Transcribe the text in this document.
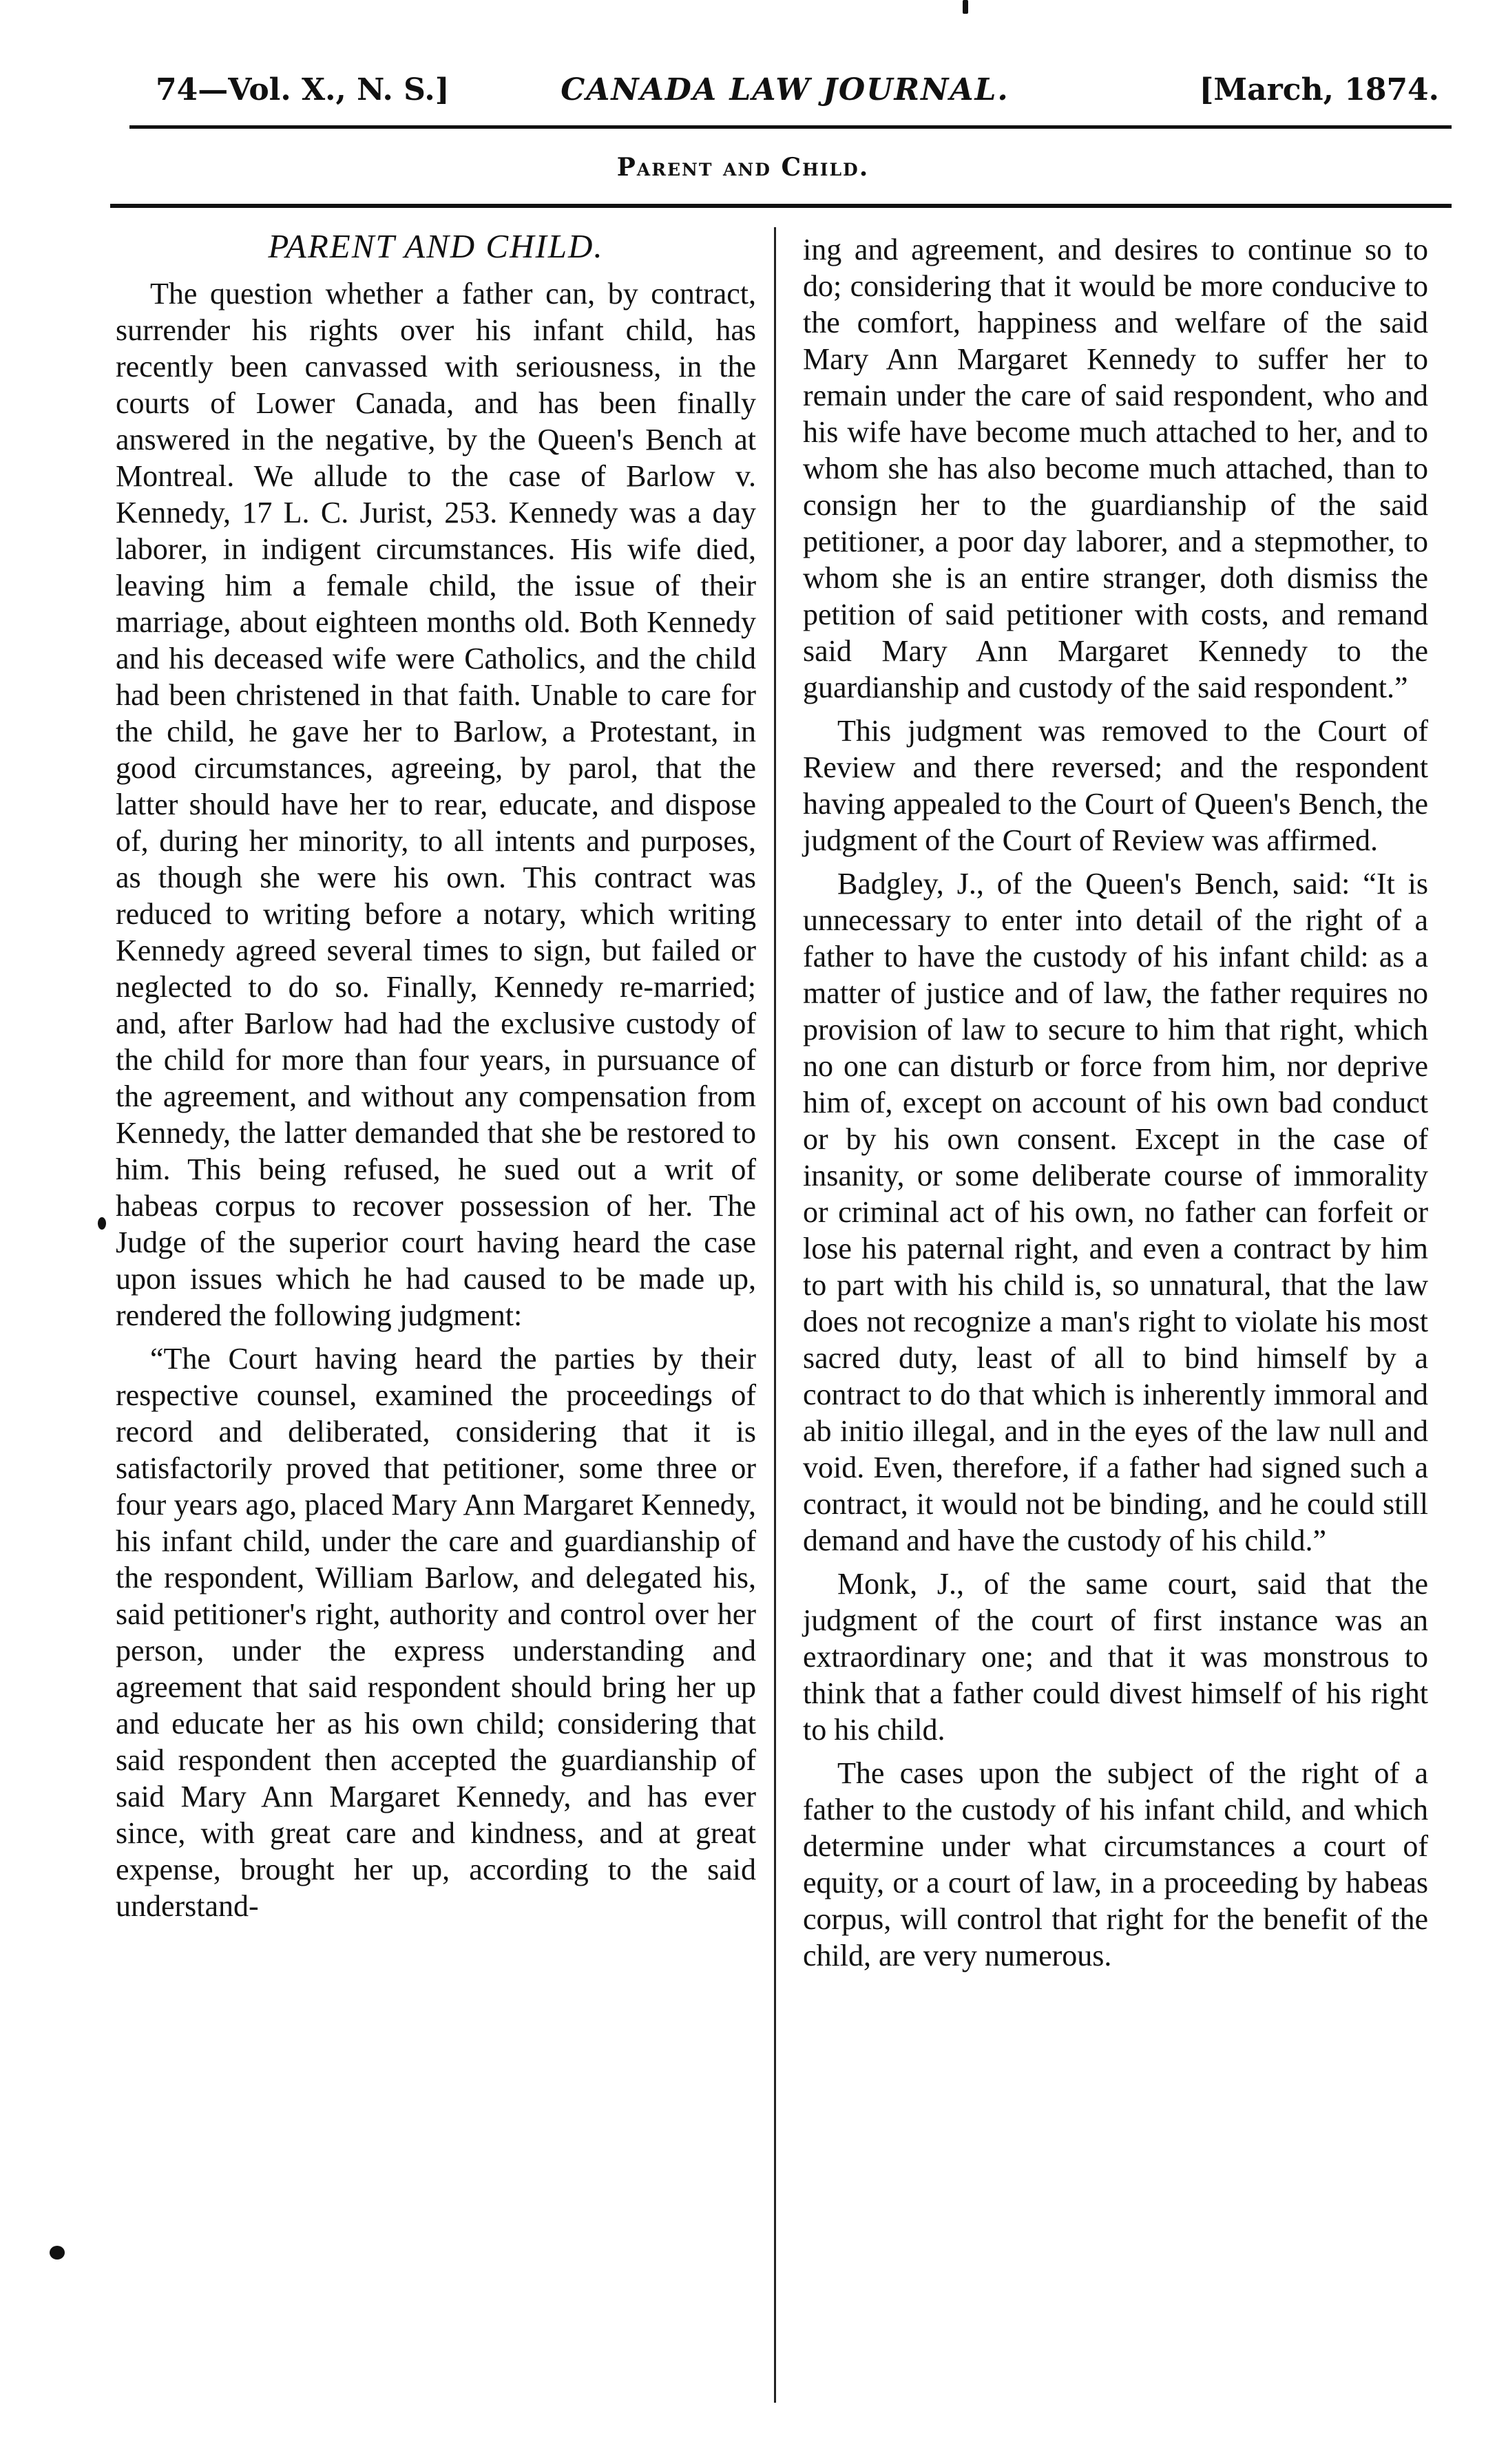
74—Vol. X., N. S.]	CANADA LAW JOURNAL.	[March, 1874.
Parent and Child.
PARENT AND CHILD.

The question whether a father can, by contract, surrender his rights over his infant child, has recently been canvassed with seriousness, in the courts of Lower Canada, and has been finally answered in the negative, by the Queen's Bench at Montreal. We allude to the case of Barlow v. Kennedy, 17 L. C. Jurist, 253. Kennedy was a day laborer, in indigent circumstances. His wife died, leaving him a female child, the issue of their marriage, about eighteen months old. Both Kennedy and his deceased wife were Catholics, and the child had been christened in that faith. Unable to care for the child, he gave her to Barlow, a Protestant, in good circumstances, agreeing, by parol, that the latter should have her to rear, educate, and dispose of, during her minority, to all intents and purposes, as though she were his own. This contract was reduced to writing before a notary, which writing Kennedy agreed several times to sign, but failed or neglected to do so. Finally, Kennedy re-married; and, after Barlow had had the exclusive custody of the child for more than four years, in pursuance of the agreement, and without any compensation from Kennedy, the latter demanded that she be restored to him. This being refused, he sued out a writ of habeas corpus to recover possession of her. The Judge of the superior court having heard the case upon issues which he had caused to be made up, rendered the following judgment:

“The Court having heard the parties by their respective counsel, examined the proceedings of record and deliberated, considering that it is satisfactorily proved that petitioner, some three or four years ago, placed Mary Ann Margaret Kennedy, his infant child, under the care and guardianship of the respondent, William Barlow, and delegated his, said petitioner's right, authority and control over her person, under the express understanding and agreement that said respondent should bring her up and educate her as his own child; considering that said respondent then accepted the guardianship of said Mary Ann Margaret Kennedy, and has ever since, with great care and kindness, and at great expense, brought her up, according to the said understand-

ing and agreement, and desires to continue so to do; considering that it would be more conducive to the comfort, happiness and welfare of the said Mary Ann Margaret Kennedy to suffer her to remain under the care of said respondent, who and his wife have become much attached to her, and to whom she has also become much attached, than to consign her to the guardianship of the said petitioner, a poor day laborer, and a stepmother, to whom she is an entire stranger, doth dismiss the petition of said petitioner with costs, and remand said Mary Ann Margaret Kennedy to the guardianship and custody of the said respondent.”

This judgment was removed to the Court of Review and there reversed; and the respondent having appealed to the Court of Queen's Bench, the judgment of the Court of Review was affirmed.

Badgley, J., of the Queen's Bench, said: “It is unnecessary to enter into detail of the right of a father to have the custody of his infant child: as a matter of justice and of law, the father requires no provision of law to secure to him that right, which no one can disturb or force from him, nor deprive him of, except on account of his own bad conduct or by his own consent. Except in the case of insanity, or some deliberate course of immorality or criminal act of his own, no father can forfeit or lose his paternal right, and even a contract by him to part with his child is, so unnatural, that the law does not recognize a man's right to violate his most sacred duty, least of all to bind himself by a contract to do that which is inherently immoral and ab initio illegal, and in the eyes of the law null and void. Even, therefore, if a father had signed such a contract, it would not be binding, and he could still demand and have the custody of his child.”

Monk, J., of the same court, said that the judgment of the court of first instance was an extraordinary one; and that it was monstrous to think that a father could divest himself of his right to his child.

The cases upon the subject of the right of a father to the custody of his infant child, and which determine under what circumstances a court of equity, or a court of law, in a proceeding by habeas corpus, will control that right for the benefit of the child, are very numerous.
